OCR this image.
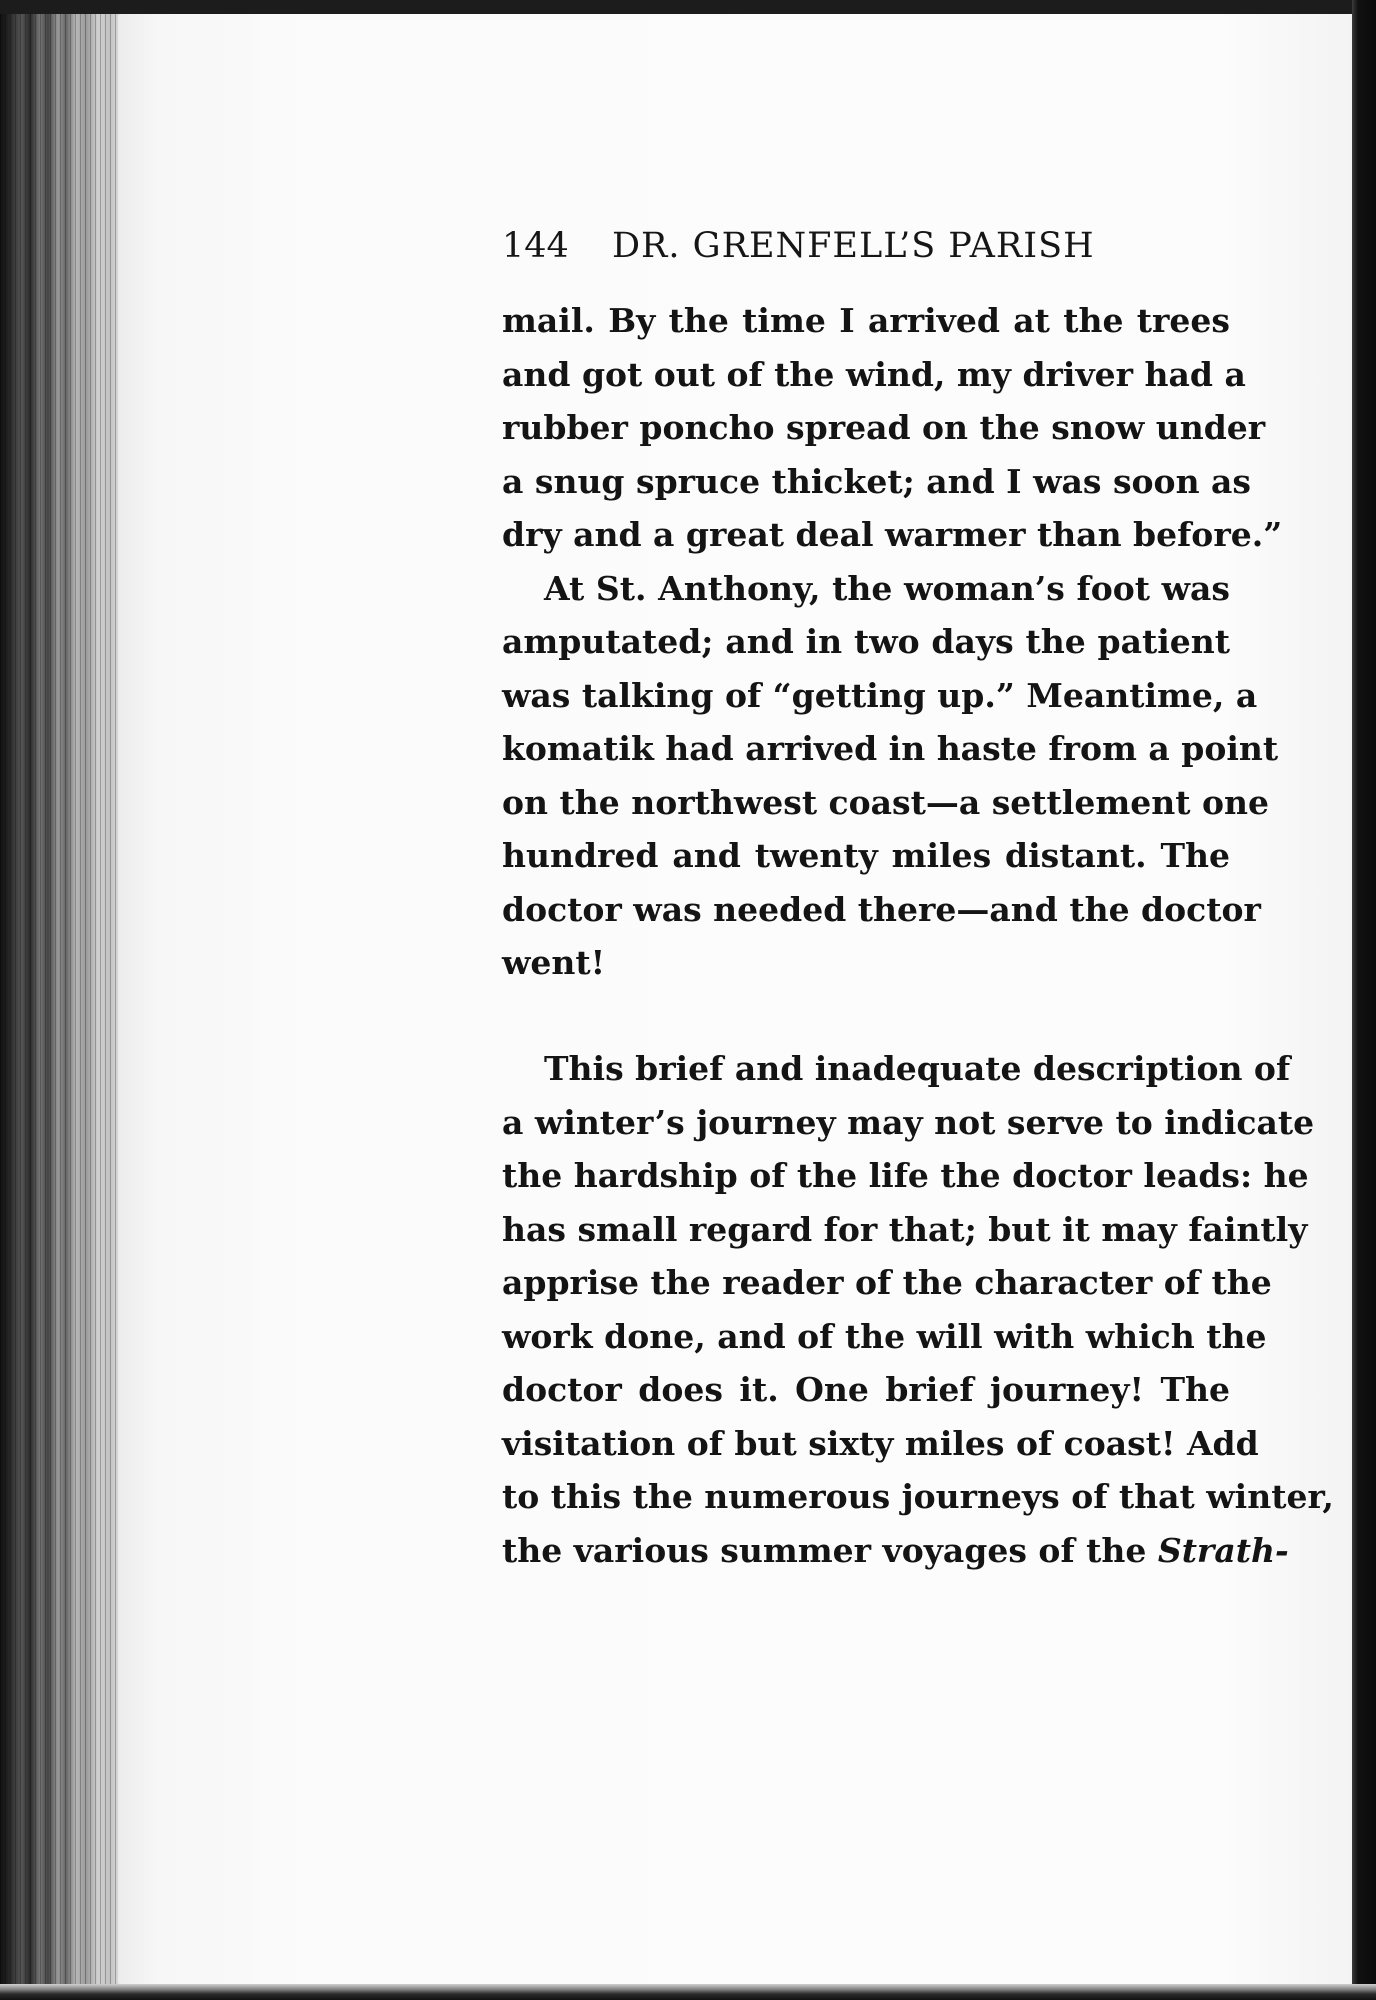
144 DR. GRENFELL’S PARISH
mail. By the time I arrived at the trees
and got out of the wind, my driver had a
rubber poncho spread on the snow under
a snug spruce thicket; and I was soon as
dry and a great deal warmer than before.”
At St. Anthony, the woman’s foot was
amputated; and in two days the patient
was talking of “getting up.” Meantime, a
komatik had arrived in haste from a point
on the northwest coast—a settlement one
hundred and twenty miles distant. The
doctor was needed there—and the doctor
went!
This brief and inadequate description of
a winter’s journey may not serve to indicate
the hardship of the life the doctor leads: he
has small regard for that; but it may faintly
apprise the reader of the character of the
work done, and of the will with which the
doctor does it. One brief journey! The
visitation of but sixty miles of coast! Add
to this the numerous journeys of that winter,
the various summer voyages of the Strath-
